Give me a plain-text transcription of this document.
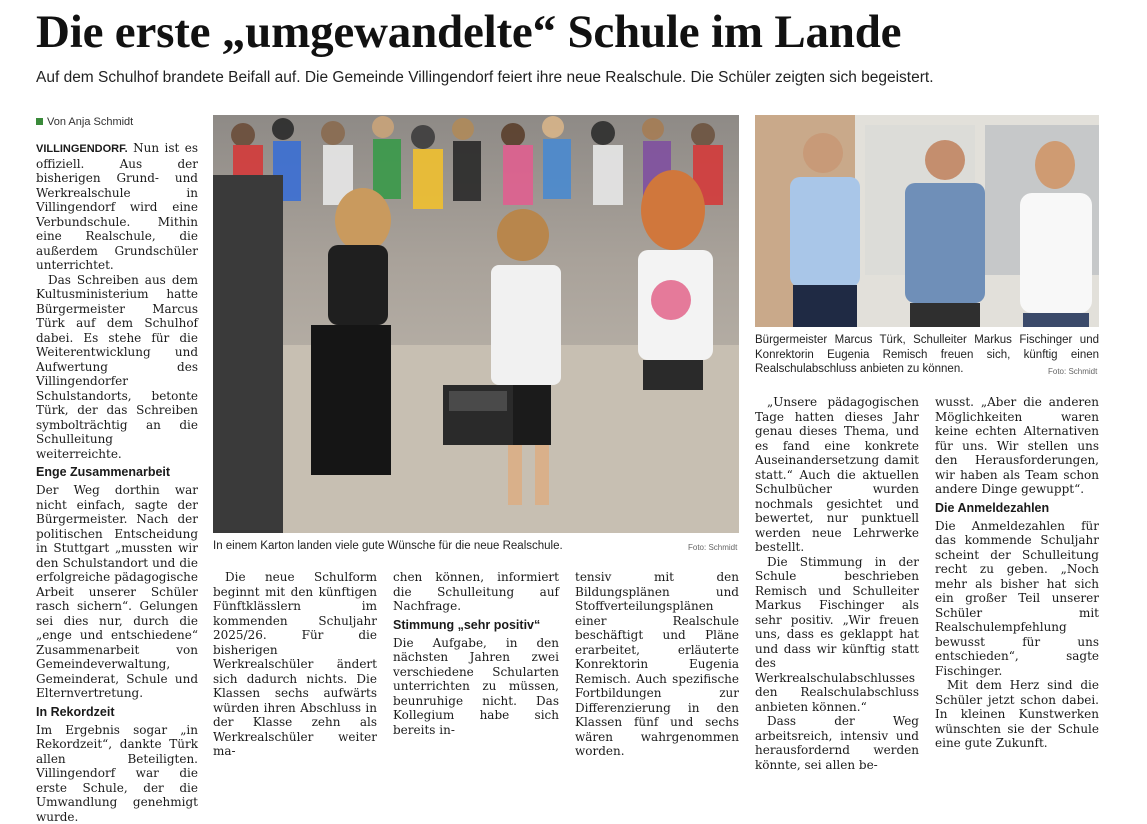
Die erste „umgewandelte“ Schule im Lande
Auf dem Schulhof brandete Beifall auf. Die Gemeinde Villingendorf feiert ihre neue Realschule. Die Schüler zeigten sich begeistert.
Von Anja Schmidt

VILLINGENDORF. Nun ist es offiziell. Aus der bisherigen Grund- und Werkrealschule in Villingendorf wird eine Verbundschule. Mithin eine Realschule, die außerdem Grundschüler unterrichtet.

Das Schreiben aus dem Kultusministerium hatte Bürgermeister Marcus Türk auf dem Schulhof dabei. Es stehe für die Weiterentwicklung und Aufwertung des Villingendorfer Schulstandorts, betonte Türk, der das Schreiben symbolträchtig an die Schulleitung weiterreichte.

Enge Zusammenarbeit

Der Weg dorthin war nicht einfach, sagte der Bürgermeister. Nach der politischen Entscheidung in Stuttgart „mussten wir den Schulstandort und die erfolgreiche pädagogische Arbeit unserer Schüler rasch sichern“. Gelungen sei dies nur, durch die „enge und entschiedene“ Zusammenarbeit von Gemeindeverwaltung, Gemeinderat, Schule und Elternvertretung.

In Rekordzeit

Im Ergebnis sogar „in Rekordzeit“, dankte Türk allen Beteiligten. Villingendorf war die erste Schule, der die Umwandlung genehmigt wurde.

In einem Karton landen viele gute Wünsche für die neue Realschule.	Foto: Schmidt
Bürgermeister Marcus Türk, Schulleiter Markus Fischinger und Konrektorin Eugenia Remisch freuen sich, künftig einen Realschulabschluss anbieten zu können.	Foto: Schmidt

Die neue Schulform beginnt mit den künftigen Fünftklässlern im kommenden Schuljahr 2025/26. Für die bisherigen Werkrealschüler ändert sich dadurch nichts. Die Klassen sechs aufwärts würden ihren Abschluss in der Klasse zehn als Werkrealschüler weiter ma-

chen können, informiert die Schulleitung auf Nachfrage.

Stimmung „sehr positiv“

Die Aufgabe, in den nächsten Jahren zwei verschiedene Schularten unterrichten zu müssen, beunruhige nicht. Das Kollegium habe sich bereits in-

tensiv mit den Bildungsplänen und Stoffverteilungsplänen einer Realschule beschäftigt und Pläne erarbeitet, erläuterte Konrektorin Eugenia Remisch. Auch spezifische Fortbildungen zur Differenzierung in den Klassen fünf und sechs wären wahrgenommen worden.

„Unsere pädagogischen Tage hatten dieses Jahr genau dieses Thema, und es fand eine konkrete Auseinandersetzung damit statt.“ Auch die aktuellen Schulbücher wurden nochmals gesichtet und bewertet, nur punktuell werden neue Lehrwerke bestellt.

Die Stimmung in der Schule beschrieben Remisch und Schulleiter Markus Fischinger als sehr positiv. „Wir freuen uns, dass es geklappt hat und dass wir künftig statt des Werkrealschulabschlusses den Realschulabschluss anbieten können.“

Dass der Weg arbeitsreich, intensiv und herausfordernd werden könnte, sei allen be-

wusst. „Aber die anderen Möglichkeiten waren keine echten Alternativen für uns. Wir stellen uns den Herausforderungen, wir haben als Team schon andere Dinge gewuppt“.

Die Anmeldezahlen

Die Anmeldezahlen für das kommende Schuljahr scheint der Schulleitung recht zu geben. „Noch mehr als bisher hat sich ein großer Teil unserer Schüler mit Realschulempfehlung bewusst für uns entschieden“, sagte Fischinger.

Mit dem Herz sind die Schüler jetzt schon dabei. In kleinen Kunstwerken wünschten sie der Schule eine gute Zukunft.
